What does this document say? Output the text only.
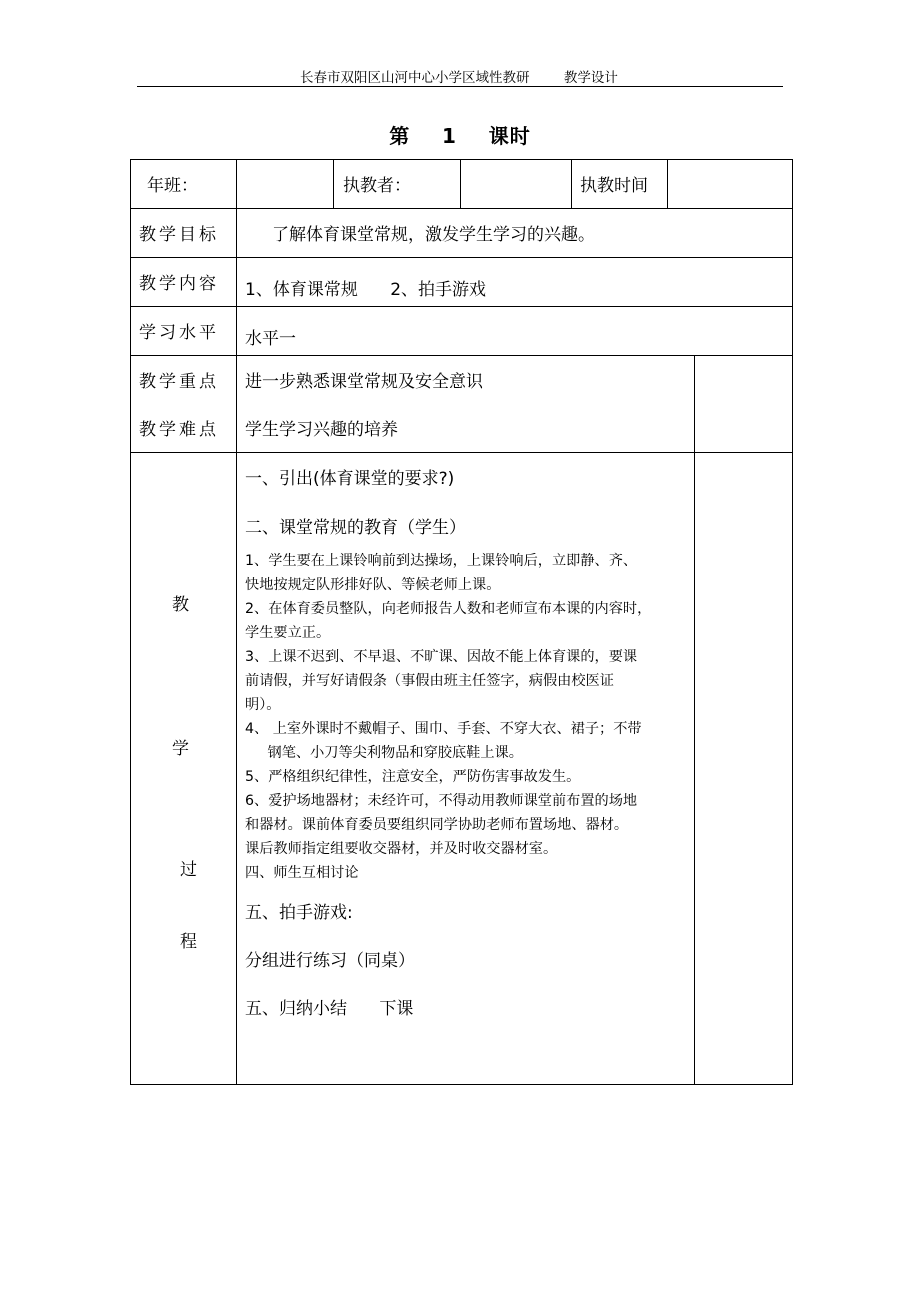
长春市双阳区山河中心小学区域性教研        教学设计
第    1    课时
年班：	执教者：	执教时间
教学目标	了解体育课堂常规，激发学生学习的兴趣。
教学内容 1、体育课常规      2、拍手游戏
学习水平 水平一
教学重点 进一步熟悉课堂常规及安全意识
教学难点 学生学习兴趣的培养
教
学
过
程
一、引出(体育课堂的要求?)
二、课堂常规的教育（学生）
1、学生要在上课铃响前到达操场，上课铃响后，立即静、齐、
快地按规定队形排好队、等候老师上课。
2、在体育委员整队，向老师报告人数和老师宣布本课的内容时，
学生要立正。
3、上课不迟到、不早退、不旷课、因故不能上体育课的，要课
前请假，并写好请假条（事假由班主任签字，病假由校医证
明）。
4、 上室外课时不戴帽子、围巾、手套、不穿大衣、裙子；不带
钢笔、小刀等尖利物品和穿胶底鞋上课。
5、严格组织纪律性，注意安全，严防伤害事故发生。
6、爱护场地器材；未经许可，不得动用教师课堂前布置的场地
和器材。课前体育委员要组织同学协助老师布置场地、器材。
课后教师指定组要收交器材，并及时收交器材室。
四、师生互相讨论
五、拍手游戏:
分组进行练习（同桌）
五、归纳小结      下课
